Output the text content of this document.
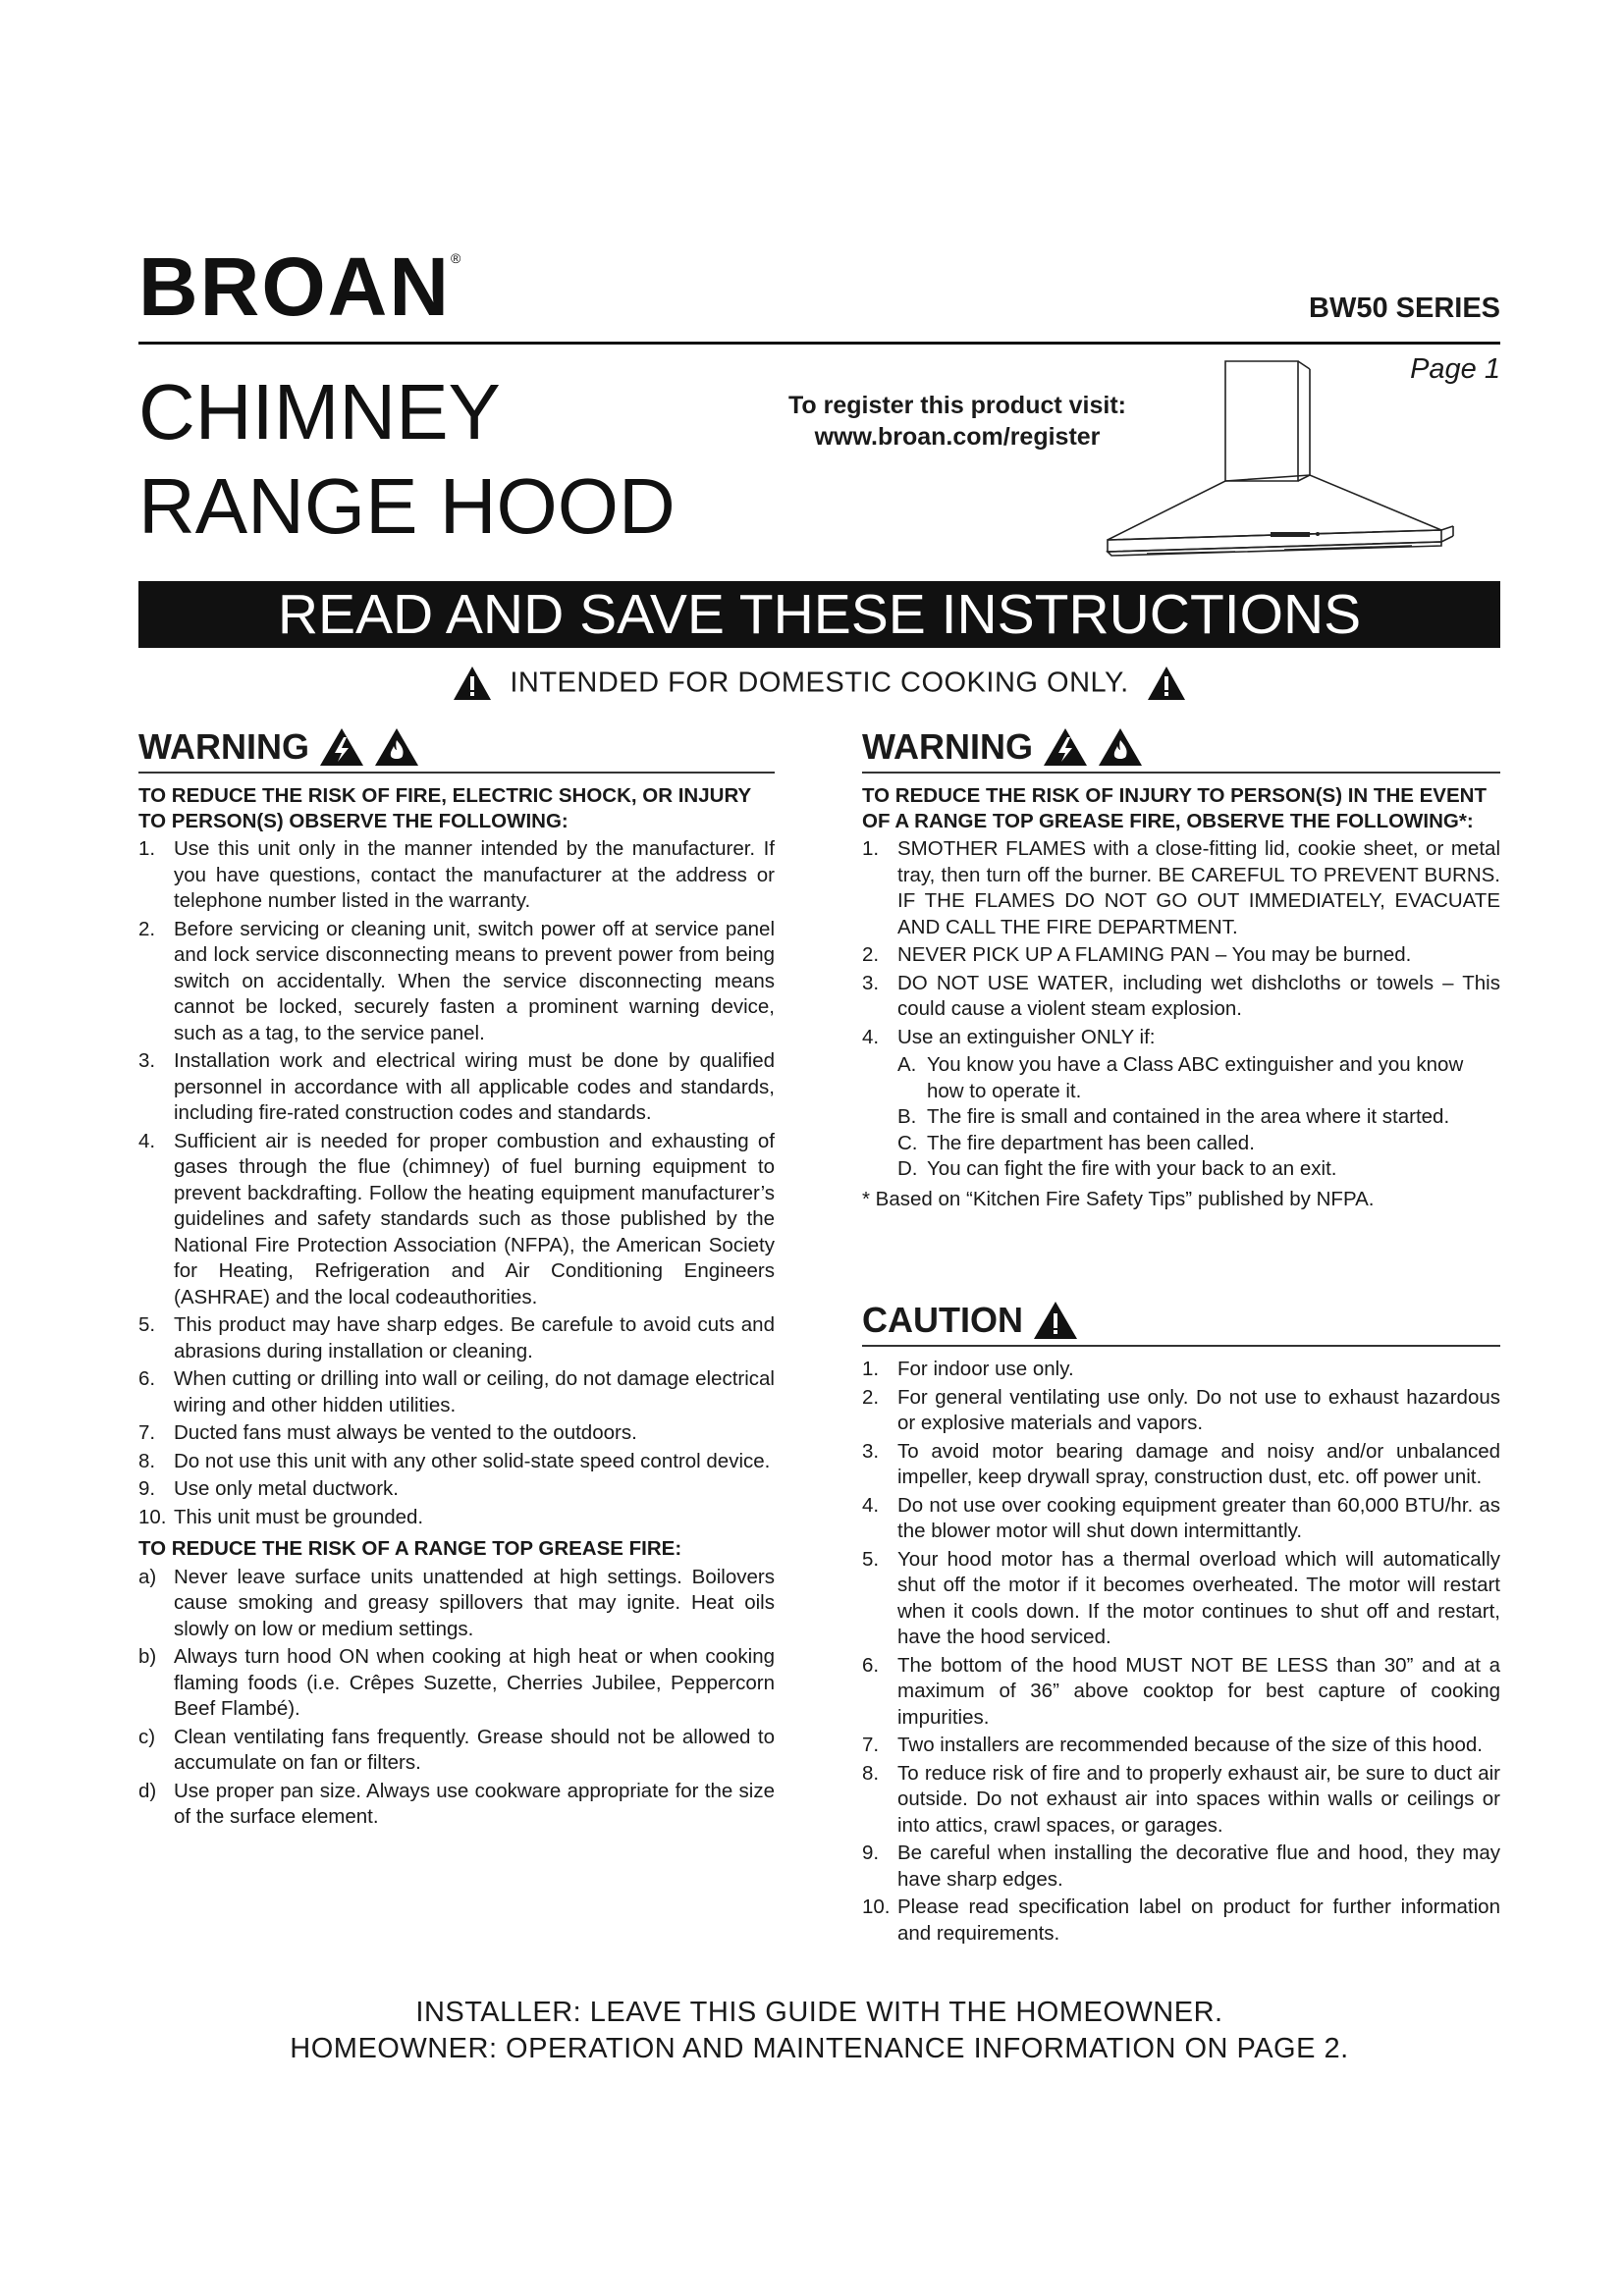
BROAN®
BW50 SERIES
Page 1
CHIMNEY
RANGE HOOD
To register this product visit:
www.broan.com/register
READ AND SAVE THESE INSTRUCTIONS
INTENDED FOR DOMESTIC COOKING ONLY.
WARNING
TO REDUCE THE RISK OF FIRE, ELECTRIC SHOCK, OR INJURY TO PERSON(S) OBSERVE THE FOLLOWING:
1. Use this unit only in the manner intended by the manufacturer. If you have questions, contact the manufacturer at the address or telephone number listed in the warranty.
2. Before servicing or cleaning unit, switch power off at service panel and lock service disconnecting means to prevent power from being switch on accidentally. When the service disconnecting means cannot be locked, securely fasten a prominent warning device, such as a tag, to the service panel.
3. Installation work and electrical wiring must be done by qualified personnel in accordance with all applicable codes and standards, including fire-rated construction codes and standards.
4. Sufficient air is needed for proper combustion and exhausting of gases through the flue (chimney) of fuel burning equipment to prevent backdrafting. Follow the heating equipment manufacturer’s guidelines and safety standards such as those published by the National Fire Protection Association (NFPA), the American Society for Heating, Refrigeration and Air Conditioning Engineers (ASHRAE) and the local codeauthorities.
5. This product may have sharp edges. Be carefule to avoid cuts and abrasions during installation or cleaning.
6. When cutting or drilling into wall or ceiling, do not damage electrical wiring and other hidden utilities.
7. Ducted fans must always be vented to the outdoors.
8. Do not use this unit with any other solid-state speed control device.
9. Use only metal ductwork.
10. This unit must be grounded.
TO REDUCE THE RISK OF A RANGE TOP GREASE FIRE:
a) Never leave surface units unattended at high settings. Boilovers cause smoking and greasy spillovers that may ignite. Heat oils slowly on low or medium settings.
b) Always turn hood ON when cooking at high heat or when cooking flaming foods (i.e. Crêpes Suzette, Cherries Jubilee, Peppercorn Beef Flambé).
c) Clean ventilating fans frequently. Grease should not be allowed to accumulate on fan or filters.
d) Use proper pan size. Always use cookware appropriate for the size of the surface element.
WARNING
TO REDUCE THE RISK OF INJURY TO PERSON(S) IN THE EVENT OF A RANGE TOP GREASE FIRE, OBSERVE THE FOLLOWING*:
1. SMOTHER FLAMES with a close-fitting lid, cookie sheet, or metal tray, then turn off the burner. BE CAREFUL TO PREVENT BURNS. IF THE FLAMES DO NOT GO OUT IMMEDIATELY, EVACUATE AND CALL THE FIRE DEPARTMENT.
2. NEVER PICK UP A FLAMING PAN – You may be burned.
3. DO NOT USE WATER, including wet dishcloths or towels – This could cause a violent steam explosion.
4. Use an extinguisher ONLY if:
A. You know you have a Class ABC extinguisher and you know how to operate it.
B. The fire is small and contained in the area where it started.
C. The fire department has been called.
D. You can fight the fire with your back to an exit.
* Based on “Kitchen Fire Safety Tips” published by NFPA.
CAUTION
1. For indoor use only.
2. For general ventilating use only. Do not use to exhaust hazardous or explosive materials and vapors.
3. To avoid motor bearing damage and noisy and/or unbalanced impeller, keep drywall spray, construction dust, etc. off power unit.
4. Do not use over cooking equipment greater than 60,000 BTU/hr. as the blower motor will shut down intermittantly.
5. Your hood motor has a thermal overload which will automatically shut off the motor if it becomes overheated. The motor will restart when it cools down. If the motor continues to shut off and restart, have the hood serviced.
6. The bottom of the hood MUST NOT BE LESS than 30” and at a maximum of 36” above cooktop for best capture of cooking impurities.
7. Two installers are recommended because of the size of this hood.
8. To reduce risk of fire and to properly exhaust air, be sure to duct air outside. Do not exhaust air into spaces within walls or ceilings or into attics, crawl spaces, or garages.
9. Be careful when installing the decorative flue and hood, they may have sharp edges.
10. Please read specification label on product for further information and requirements.
INSTALLER: LEAVE THIS GUIDE WITH THE HOMEOWNER.
HOMEOWNER: OPERATION AND MAINTENANCE INFORMATION ON PAGE 2.
